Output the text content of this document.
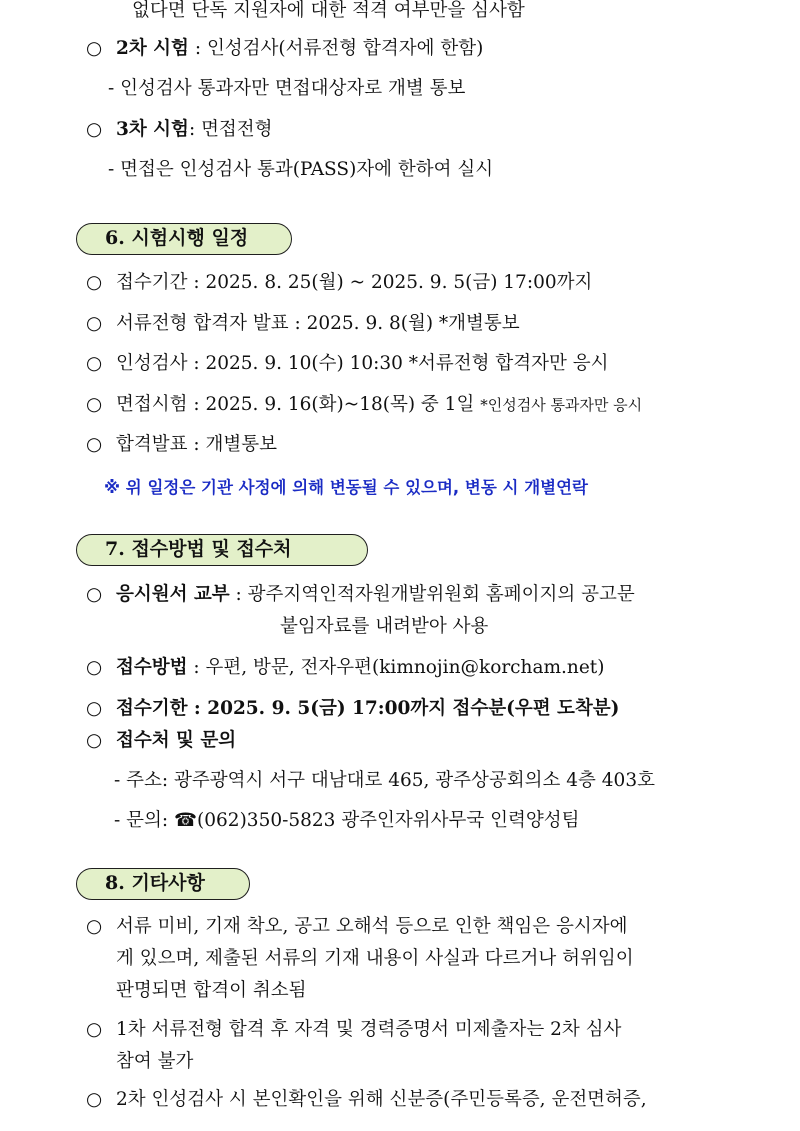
없다면 단독 지원자에 대한 적격 여부만을 심사함
○ 2차 시험 : 인성검사(서류전형 합격자에 한함)
- 인성검사 통과자만 면접대상자로 개별 통보
○ 3차 시험: 면접전형
- 면접은 인성검사 통과(PASS)자에 한하여 실시
6. 시험시행 일정
○ 접수기간 : 2025. 8. 25(월) ~ 2025. 9. 5(금) 17:00까지
○ 서류전형 합격자 발표 : 2025. 9. 8(월) *개별통보
○ 인성검사 : 2025. 9. 10(수) 10:30 *서류전형 합격자만 응시
○ 면접시험 : 2025. 9. 16(화)~18(목) 중 1일 *인성검사 통과자만 응시
○ 합격발표 : 개별통보
※ 위 일정은 기관 사정에 의해 변동될 수 있으며, 변동 시 개별연락
7. 접수방법 및 접수처
○ 응시원서 교부 : 광주지역인적자원개발위원회 홈페이지의 공고문
붙임자료를 내려받아 사용
○ 접수방법 : 우편, 방문, 전자우편(kimnojin@korcham.net)
○ 접수기한 : 2025. 9. 5(금) 17:00까지 접수분(우편 도착분)
○ 접수처 및 문의
- 주소: 광주광역시 서구 대남대로 465, 광주상공회의소 4층 403호
- 문의: ☎(062)350-5823 광주인자위사무국 인력양성팀
8. 기타사항
○ 서류 미비, 기재 착오, 공고 오해석 등으로 인한 책임은 응시자에
게 있으며, 제출된 서류의 기재 내용이 사실과 다르거나 허위임이
판명되면 합격이 취소됨
○ 1차 서류전형 합격 후 자격 및 경력증명서 미제출자는 2차 심사
참여 불가
○ 2차 인성검사 시 본인확인을 위해 신분증(주민등록증, 운전면허증,
